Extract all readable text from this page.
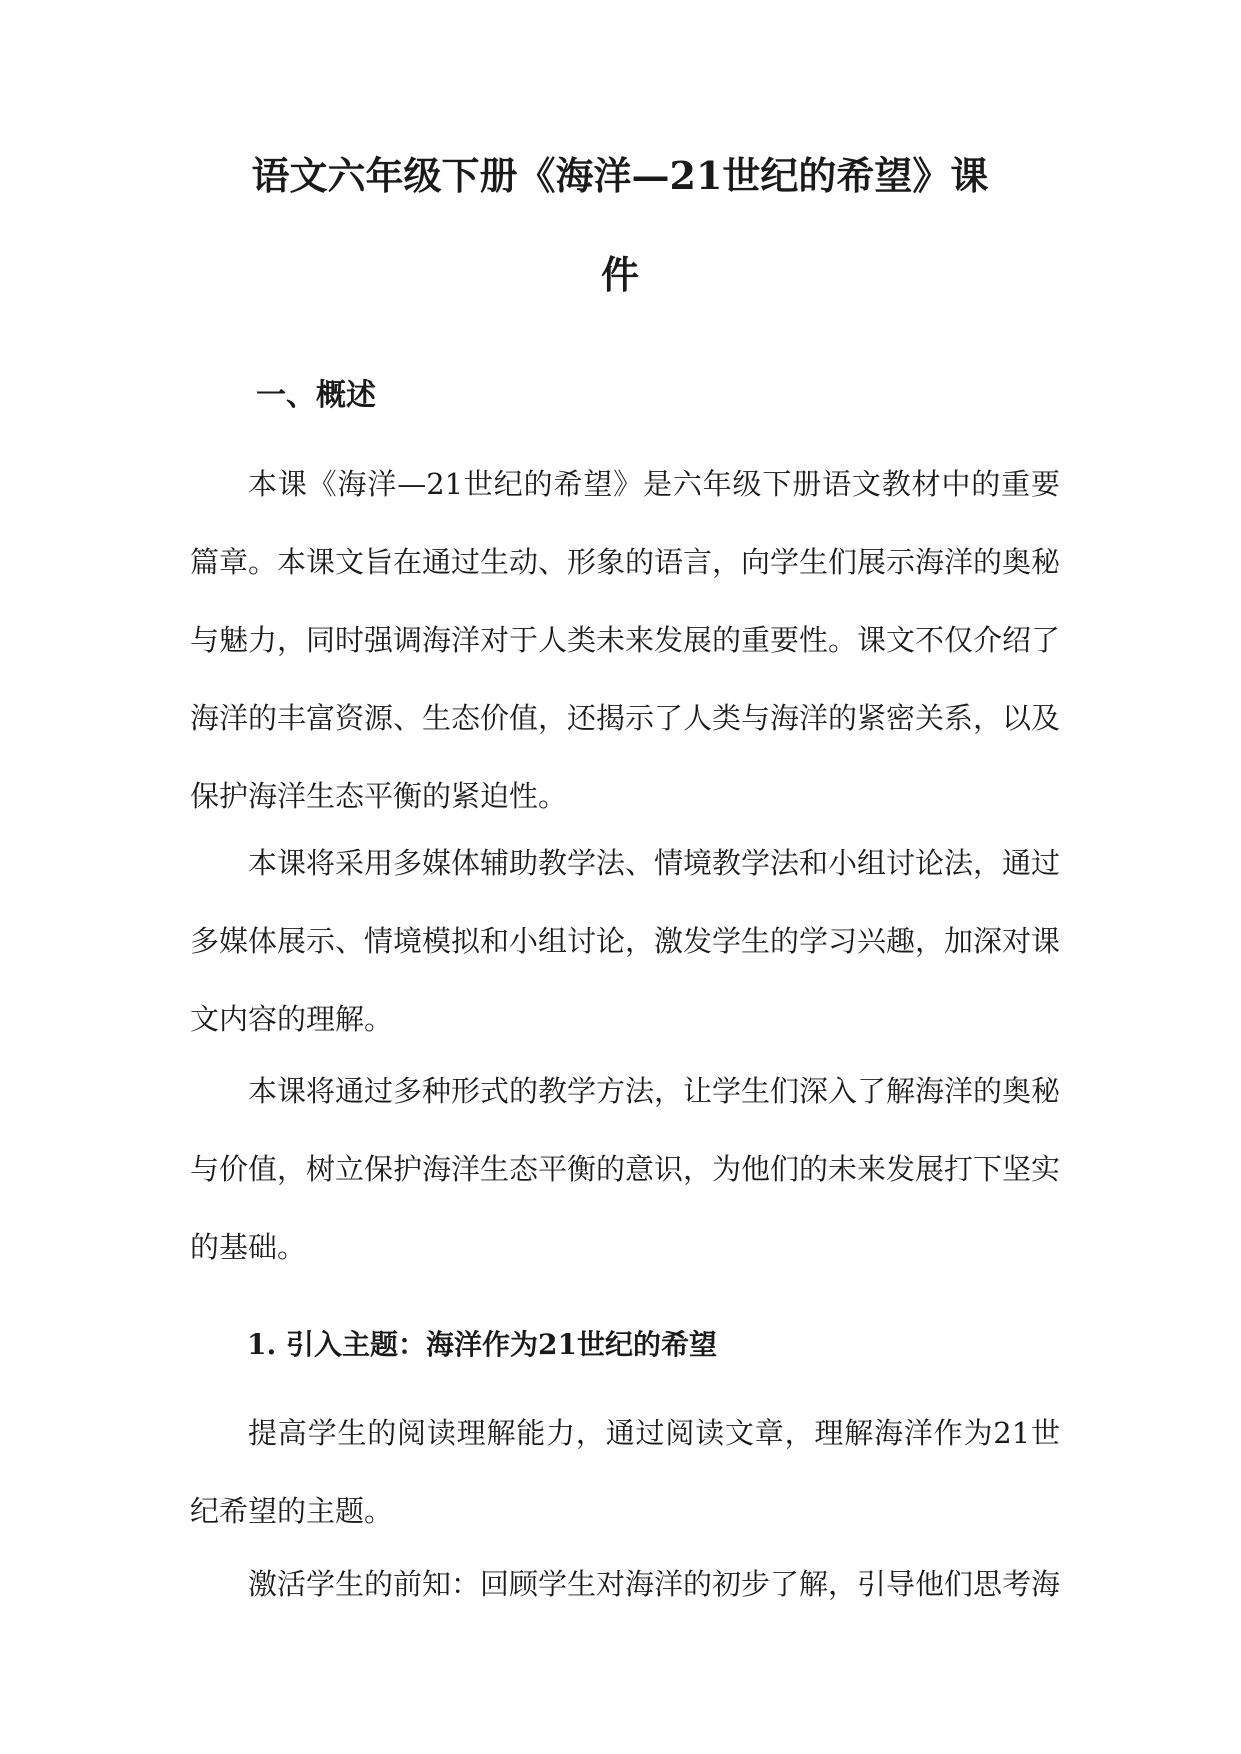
语文六年级下册《海洋—21世纪的希望》课
件
一、概述

本课《海洋—21世纪的希望》是六年级下册语文教材中的重要篇章。本课文旨在通过生动、形象的语言，向学生们展示海洋的奥秘与魅力，同时强调海洋对于人类未来发展的重要性。课文不仅介绍了海洋的丰富资源、生态价值，还揭示了人类与海洋的紧密关系，以及保护海洋生态平衡的紧迫性。

本课将采用多媒体辅助教学法、情境教学法和小组讨论法，通过多媒体展示、情境模拟和小组讨论，激发学生的学习兴趣，加深对课文内容的理解。

本课将通过多种形式的教学方法，让学生们深入了解海洋的奥秘与价值，树立保护海洋生态平衡的意识，为他们的未来发展打下坚实的基础。

1. 引入主题：海洋作为21世纪的希望

提高学生的阅读理解能力，通过阅读文章，理解海洋作为21世纪希望的主题。

激活学生的前知：回顾学生对海洋的初步了解，引导他们思考海
